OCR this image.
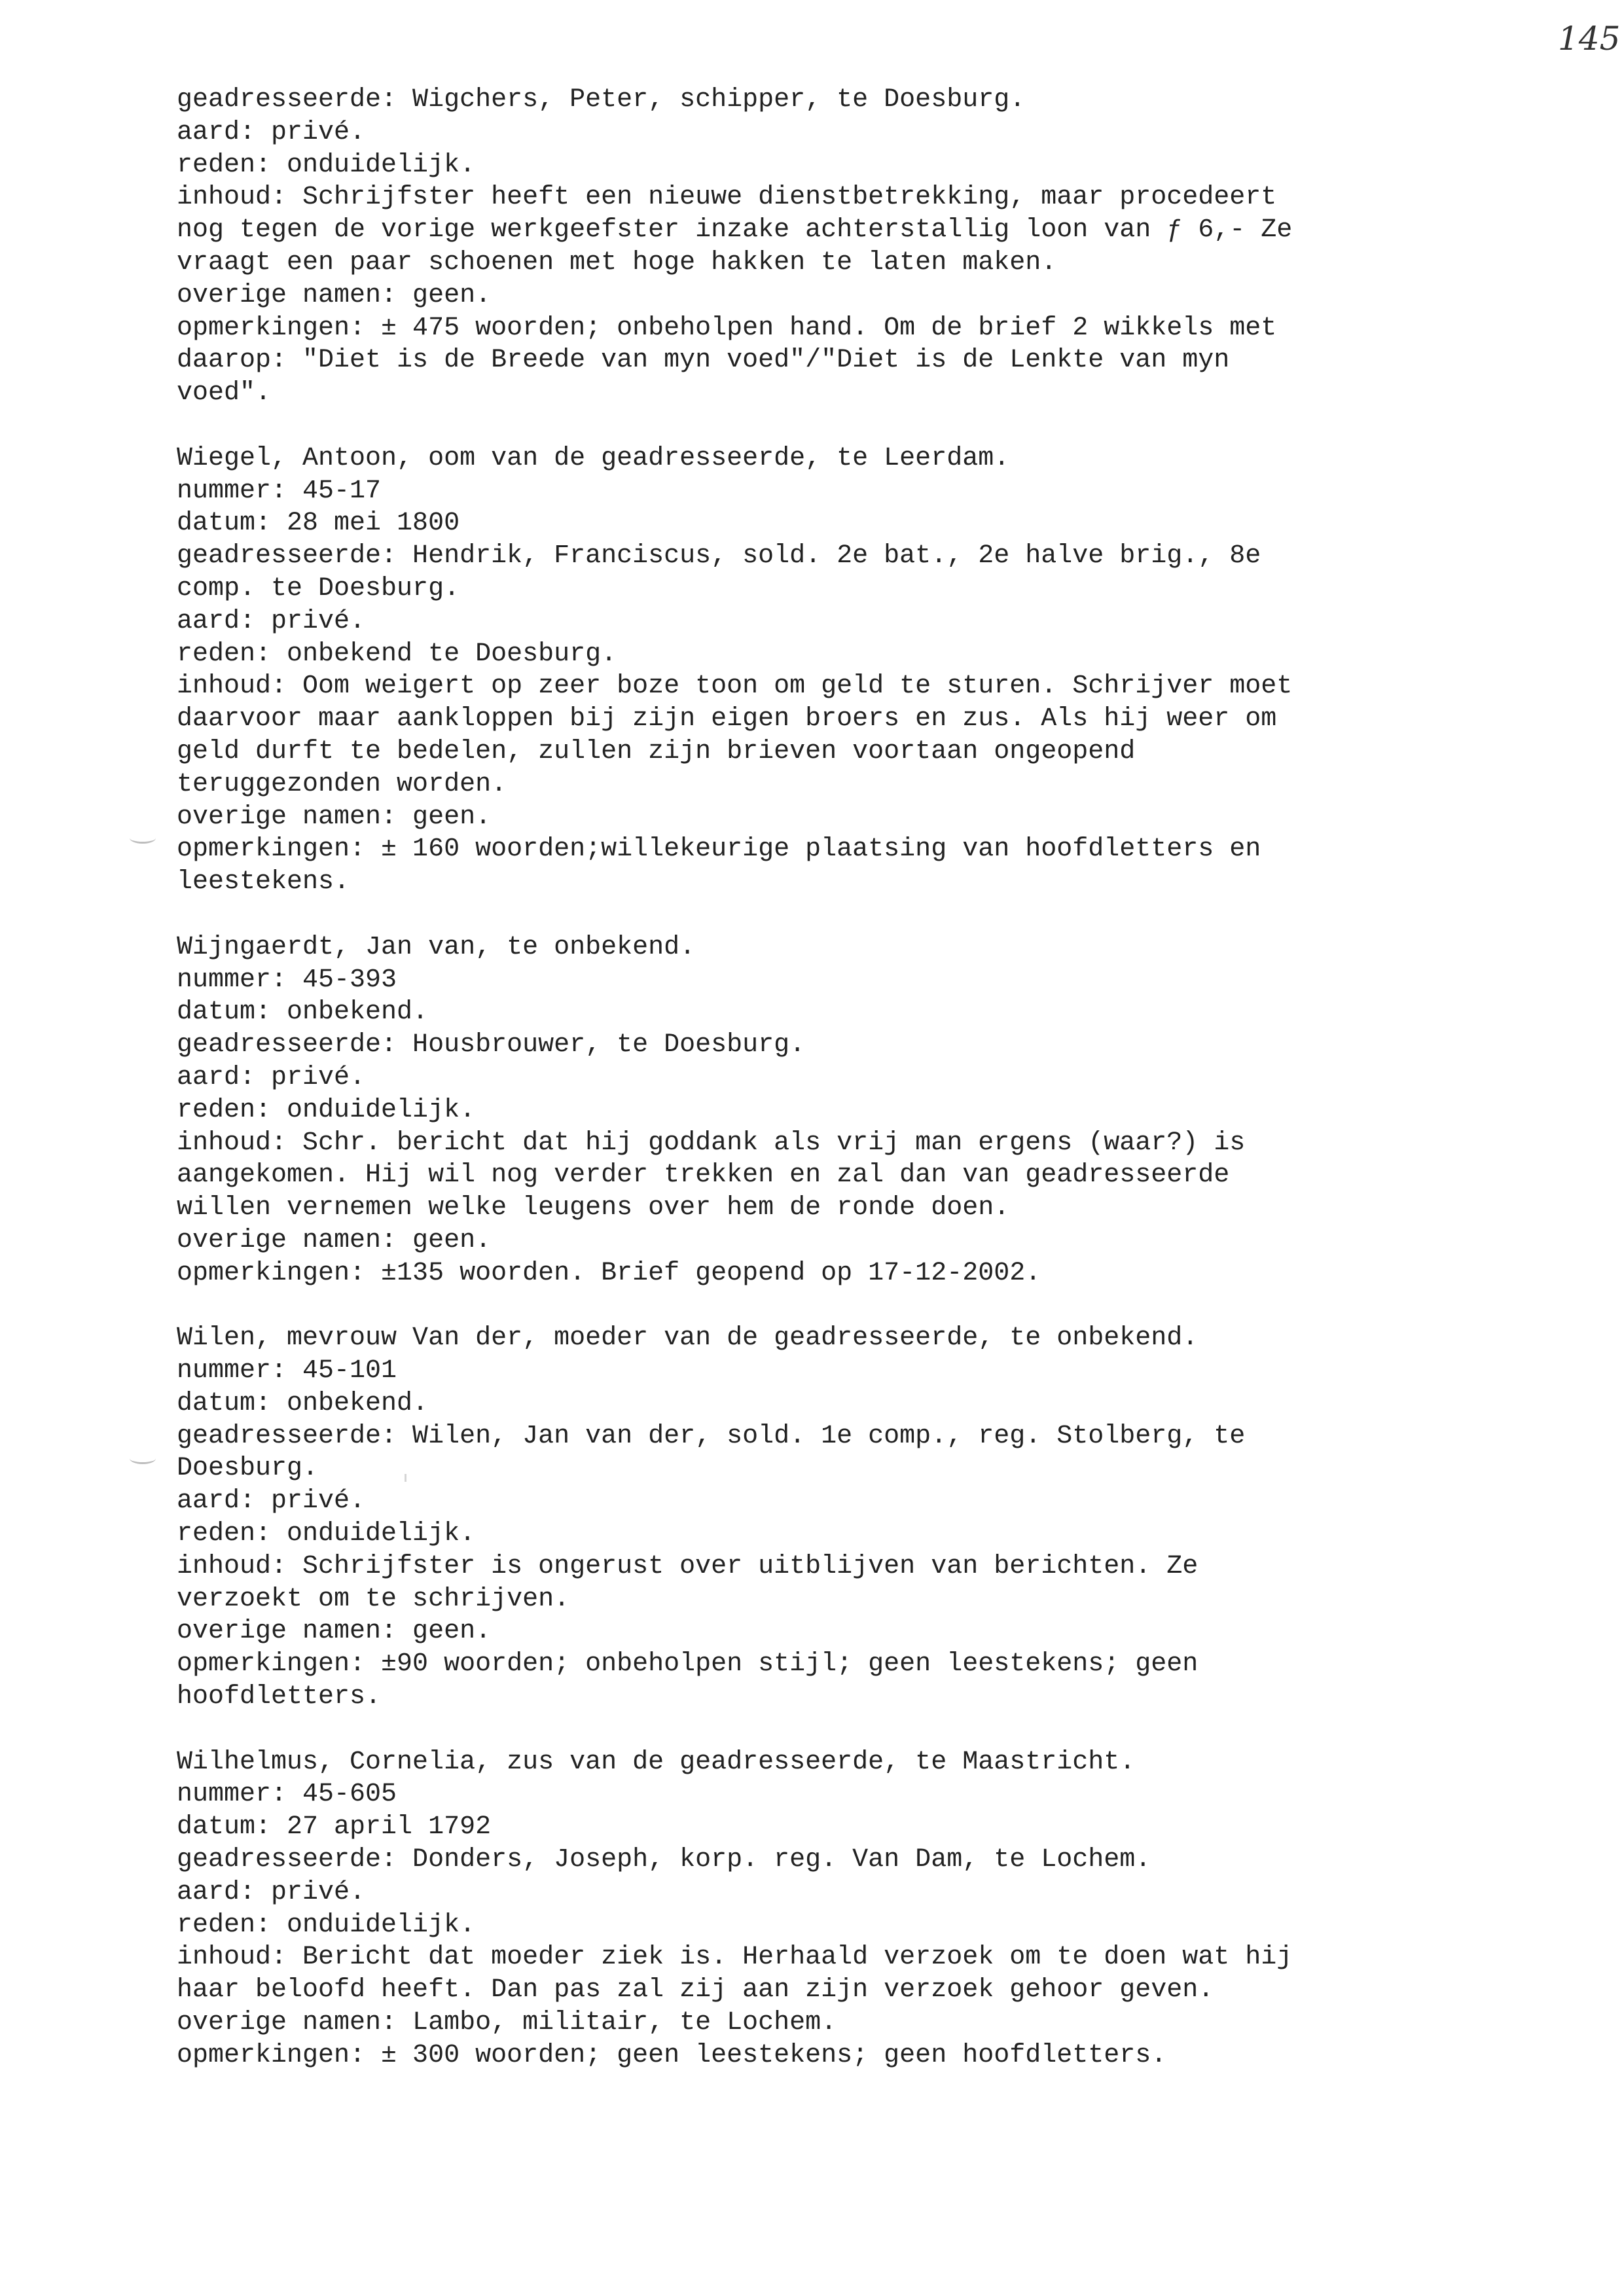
145
geadresseerde: Wigchers, Peter, schipper, te Doesburg.
aard: privé.
reden: onduidelijk.
inhoud: Schrijfster heeft een nieuwe dienstbetrekking, maar procedeert
nog tegen de vorige werkgeefster inzake achterstallig loon van ƒ 6,- Ze
vraagt een paar schoenen met hoge hakken te laten maken.
overige namen: geen.
opmerkingen: ± 475 woorden; onbeholpen hand. Om de brief 2 wikkels met
daarop: "Diet is de Breede van myn voed"/"Diet is de Lenkte van myn
voed".
Wiegel, Antoon, oom van de geadresseerde, te Leerdam.
nummer: 45-17
datum: 28 mei 1800
geadresseerde: Hendrik, Franciscus, sold. 2e bat., 2e halve brig., 8e
comp. te Doesburg.
aard: privé.
reden: onbekend te Doesburg.
inhoud: Oom weigert op zeer boze toon om geld te sturen. Schrijver moet
daarvoor maar aankloppen bij zijn eigen broers en zus. Als hij weer om
geld durft te bedelen, zullen zijn brieven voortaan ongeopend
teruggezonden worden.
overige namen: geen.
opmerkingen: ± 160 woorden;willekeurige plaatsing van hoofdletters en
leestekens.
Wijngaerdt, Jan van, te onbekend.
nummer: 45-393
datum: onbekend.
geadresseerde: Housbrouwer, te Doesburg.
aard: privé.
reden: onduidelijk.
inhoud: Schr. bericht dat hij goddank als vrij man ergens (waar?) is
aangekomen. Hij wil nog verder trekken en zal dan van geadresseerde
willen vernemen welke leugens over hem de ronde doen.
overige namen: geen.
opmerkingen: ±135 woorden. Brief geopend op 17-12-2002.
Wilen, mevrouw Van der, moeder van de geadresseerde, te onbekend.
nummer: 45-101
datum: onbekend.
geadresseerde: Wilen, Jan van der, sold. 1e comp., reg. Stolberg, te
Doesburg.
aard: privé.
reden: onduidelijk.
inhoud: Schrijfster is ongerust over uitblijven van berichten. Ze
verzoekt om te schrijven.
overige namen: geen.
opmerkingen: ±90 woorden; onbeholpen stijl; geen leestekens; geen
hoofdletters.
Wilhelmus, Cornelia, zus van de geadresseerde, te Maastricht.
nummer: 45-605
datum: 27 april 1792
geadresseerde: Donders, Joseph, korp. reg. Van Dam, te Lochem.
aard: privé.
reden: onduidelijk.
inhoud: Bericht dat moeder ziek is. Herhaald verzoek om te doen wat hij
haar beloofd heeft. Dan pas zal zij aan zijn verzoek gehoor geven.
overige namen: Lambo, militair, te Lochem.
opmerkingen: ± 300 woorden; geen leestekens; geen hoofdletters.
